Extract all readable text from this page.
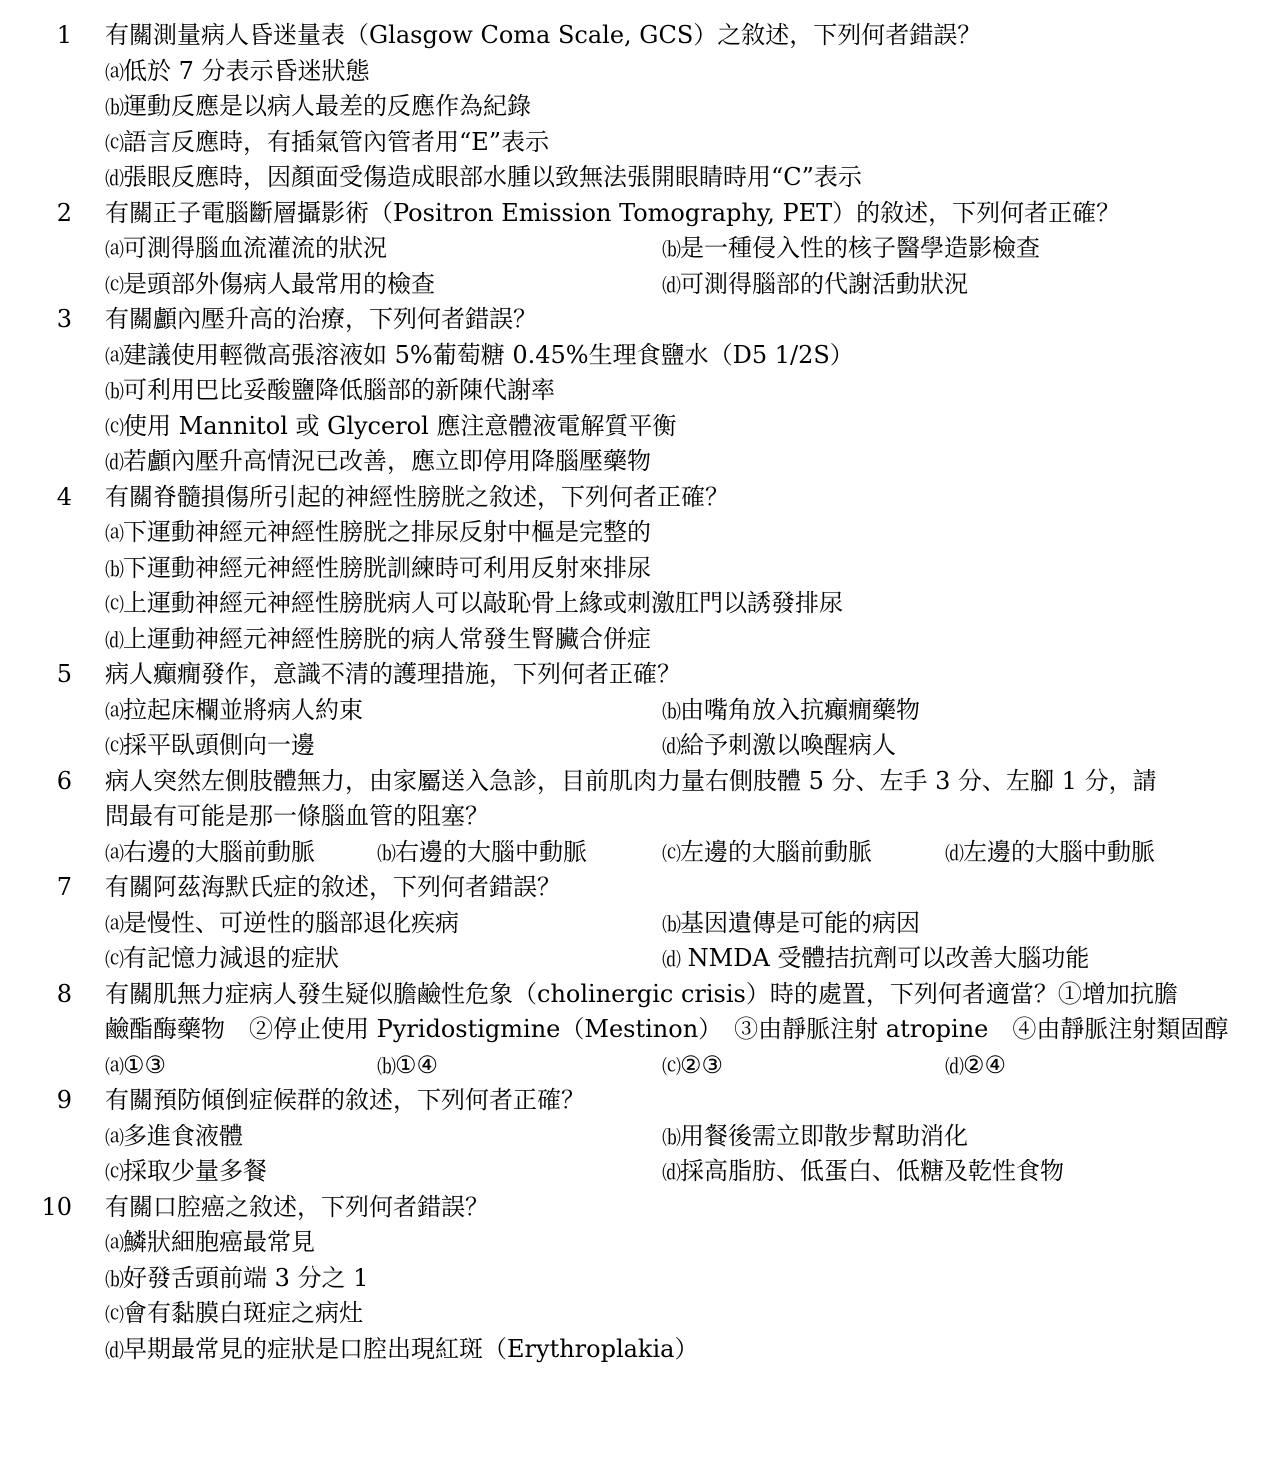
1 有關測量病人昏迷量表（Glasgow Coma Scale, GCS）之敘述，下列何者錯誤？
⒜低於 7 分表示昏迷狀態
⒝運動反應是以病人最差的反應作為紀錄
⒞語言反應時，有插氣管內管者用“E”表示
⒟張眼反應時，因顏面受傷造成眼部水腫以致無法張開眼睛時用“C”表示
2 有關正子電腦斷層攝影術（Positron Emission Tomography, PET）的敘述，下列何者正確？
⒜可測得腦血流灌流的狀況	⒝是一種侵入性的核子醫學造影檢查
⒞是頭部外傷病人最常用的檢查	⒟可測得腦部的代謝活動狀況
3 有關顱內壓升高的治療，下列何者錯誤？
⒜建議使用輕微高張溶液如 5%葡萄糖 0.45%生理食鹽水（D5 1/2S）
⒝可利用巴比妥酸鹽降低腦部的新陳代謝率
⒞使用 Mannitol 或 Glycerol 應注意體液電解質平衡
⒟若顱內壓升高情況已改善，應立即停用降腦壓藥物
4 有關脊髓損傷所引起的神經性膀胱之敘述，下列何者正確？
⒜下運動神經元神經性膀胱之排尿反射中樞是完整的
⒝下運動神經元神經性膀胱訓練時可利用反射來排尿
⒞上運動神經元神經性膀胱病人可以敲恥骨上緣或刺激肛門以誘發排尿
⒟上運動神經元神經性膀胱的病人常發生腎臟合併症
5 病人癲癇發作，意識不清的護理措施，下列何者正確？
⒜拉起床欄並將病人約束	⒝由嘴角放入抗癲癇藥物
⒞採平臥頭側向一邊	⒟給予刺激以喚醒病人
6 病人突然左側肢體無力，由家屬送入急診，目前肌肉力量右側肢體 5 分、左手 3 分、左腳 1 分，請
問最有可能是那一條腦血管的阻塞？
⒜右邊的大腦前動脈	⒝右邊的大腦中動脈	⒞左邊的大腦前動脈	⒟左邊的大腦中動脈
7 有關阿茲海默氏症的敘述，下列何者錯誤？
⒜是慢性、可逆性的腦部退化疾病	⒝基因遺傳是可能的病因
⒞有記憶力減退的症狀	⒟ NMDA 受體拮抗劑可以改善大腦功能
8 有關肌無力症病人發生疑似膽鹼性危象（cholinergic crisis）時的處置，下列何者適當？①增加抗膽
鹼酯酶藥物　②停止使用 Pyridostigmine（Mestinon）　③由靜脈注射 atropine　④由靜脈注射類固醇
⒜①③	⒝①④	⒞②③	⒟②④
9 有關預防傾倒症候群的敘述，下列何者正確？
⒜多進食液體	⒝用餐後需立即散步幫助消化
⒞採取少量多餐	⒟採高脂肪、低蛋白、低糖及乾性食物
10 有關口腔癌之敘述，下列何者錯誤？
⒜鱗狀細胞癌最常見
⒝好發舌頭前端 3 分之 1
⒞會有黏膜白斑症之病灶
⒟早期最常見的症狀是口腔出現紅斑（Erythroplakia）
